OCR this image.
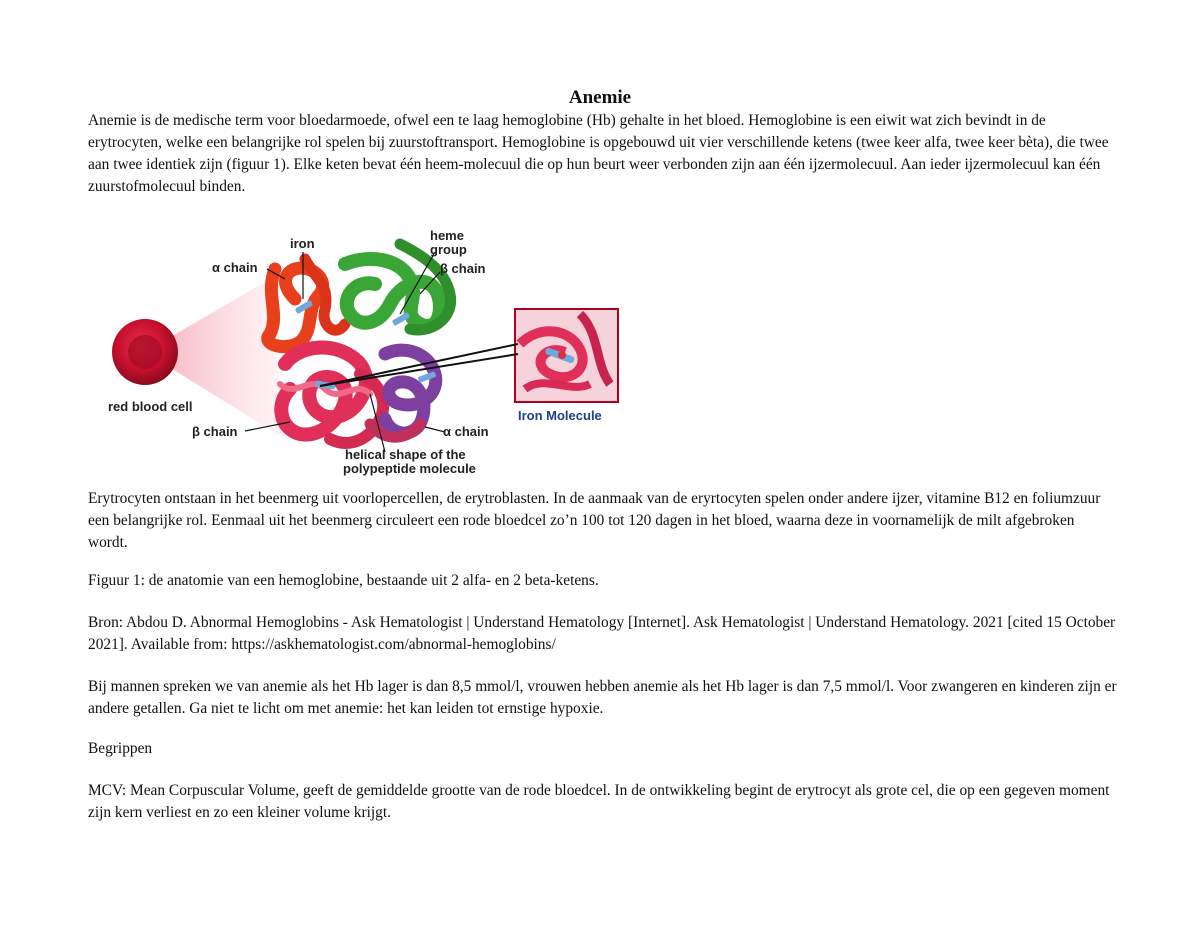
Anemie

Anemie is de medische term voor bloedarmoede, ofwel een te laag hemoglobine (Hb) gehalte in het bloed. Hemoglobine is een eiwit wat zich bevindt in de erytrocyten, welke een belangrijke rol spelen bij zuurstoftransport. Hemoglobine is opgebouwd uit vier verschillende ketens (twee keer alfa, twee keer bèta), die twee aan twee identiek zijn (figuur 1). Elke keten bevat één heem-molecuul die op hun beurt weer verbonden zijn aan één ijzermolecuul. Aan ieder ijzermolecuul kan één zuurstofmolecuul binden.

iron
α chain
heme
group
β chain
red blood cell
β chain	α chain
helical shape of the
polypeptide molecule
Iron Molecule

Erytrocyten ontstaan in het beenmerg uit voorlopercellen, de erytroblasten. In de aanmaak van de eryrtocyten spelen onder andere ijzer, vitamine B12 en foliumzuur een belangrijke rol. Eenmaal uit het beenmerg circuleert een rode bloedcel zo’n 100 tot 120 dagen in het bloed, waarna deze in voornamelijk de milt afgebroken wordt.

Figuur 1: de anatomie van een hemoglobine, bestaande uit 2 alfa- en 2 beta-ketens.

Bron: Abdou D. Abnormal Hemoglobins - Ask Hematologist | Understand Hematology [Internet]. Ask Hematologist | Understand Hematology. 2021 [cited 15 October 2021]. Available from: https://askhematologist.com/abnormal-hemoglobins/

Bij mannen spreken we van anemie als het Hb lager is dan 8,5 mmol/l, vrouwen hebben anemie als het Hb lager is dan 7,5 mmol/l. Voor zwangeren en kinderen zijn er andere getallen. Ga niet te licht om met anemie: het kan leiden tot ernstige hypoxie.

Begrippen

MCV: Mean Corpuscular Volume, geeft de gemiddelde grootte van de rode bloedcel. In de ontwikkeling begint de erytrocyt als grote cel, die op een gegeven moment zijn kern verliest en zo een kleiner volume krijgt.
